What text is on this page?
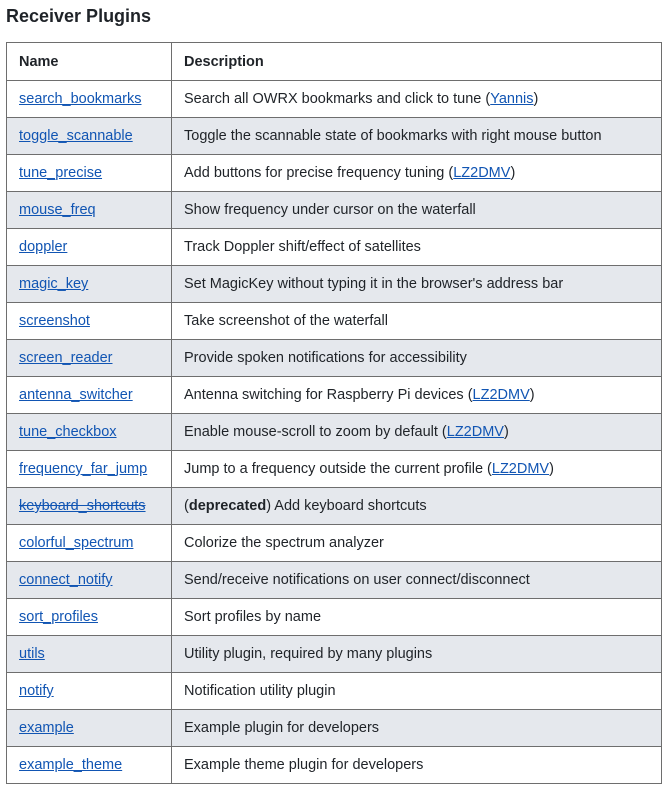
Receiver Plugins
Name	Description
search_bookmarks	Search all OWRX bookmarks and click to tune (Yannis)
toggle_scannable	Toggle the scannable state of bookmarks with right mouse button
tune_precise	Add buttons for precise frequency tuning (LZ2DMV)
mouse_freq	Show frequency under cursor on the waterfall
doppler	Track Doppler shift/effect of satellites
magic_key	Set MagicKey without typing it in the browser's address bar
screenshot	Take screenshot of the waterfall
screen_reader	Provide spoken notifications for accessibility
antenna_switcher	Antenna switching for Raspberry Pi devices (LZ2DMV)
tune_checkbox	Enable mouse-scroll to zoom by default (LZ2DMV)
frequency_far_jump	Jump to a frequency outside the current profile (LZ2DMV)
keyboard_shortcuts	(deprecated) Add keyboard shortcuts
colorful_spectrum	Colorize the spectrum analyzer
connect_notify	Send/receive notifications on user connect/disconnect
sort_profiles	Sort profiles by name
utils	Utility plugin, required by many plugins
notify	Notification utility plugin
example	Example plugin for developers
example_theme	Example theme plugin for developers
